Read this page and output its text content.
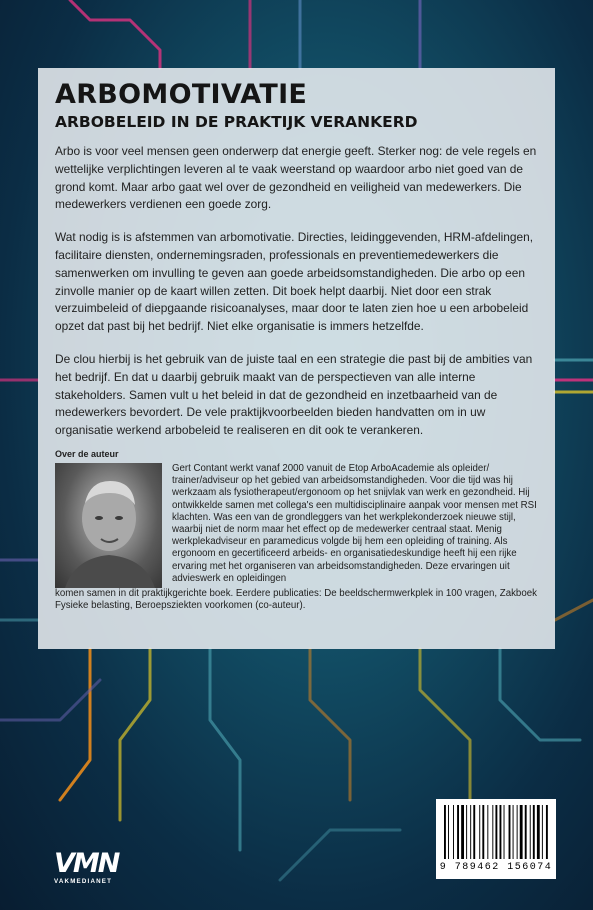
ARBOMOTIVATIE
ARBOBELEID IN DE PRAKTIJK VERANKERD

Arbo is voor veel mensen geen onderwerp dat energie geeft. Sterker nog: de vele regels en wettelijke verplichtingen leveren al te vaak weerstand op waardoor arbo niet goed van de grond komt. Maar arbo gaat wel over de gezondheid en veiligheid van medewerkers. Die medewerkers verdienen een goede zorg.

Wat nodig is is afstemmen van arbomotivatie. Directies, leidinggevenden, HRM-afdelingen, facilitaire diensten, ondernemingsraden, professionals en preventiemedewerkers die samenwerken om invulling te geven aan goede arbeidsomstandigheden. Die arbo op een zinvolle manier op de kaart willen zetten. Dit boek helpt daarbij. Niet door een strak verzuimbeleid of diepgaande risicoanalyses, maar door te laten zien hoe u een arbobeleid opzet dat past bij het bedrijf. Niet elke organisatie is immers hetzelfde.

De clou hierbij is het gebruik van de juiste taal en een strategie die past bij de ambities van het bedrijf. En dat u daarbij gebruik maakt van de perspectieven van alle interne stakeholders. Samen vult u het beleid in dat de gezondheid en inzetbaarheid van de medewerkers bevordert. De vele praktijkvoorbeelden bieden handvatten om in uw organisatie werkend arbobeleid te realiseren en dit ook te verankeren.

Over de auteur
Gert Contant werkt vanaf 2000 vanuit de Etop ArboAcademie als opleider/ trainer/adviseur op het gebied van arbeidsomstandigheden. Voor die tijd was hij werkzaam als fysiotherapeut/ergonoom op het snijvlak van werk en gezondheid. Hij ontwikkelde samen met collega's een multidisciplinaire aanpak voor mensen met RSI klachten. Was een van de grondleggers van het werkplekonderzoek nieuwe stijl, waarbij niet de norm maar het effect op de medewerker centraal staat. Menig werkplekadviseur en paramedicus volgde bij hem een opleiding of training. Als ergonoom en gecertificeerd arbeids- en organisatiedeskundige heeft hij een rijke ervaring met het organiseren van arbeidsomstandigheden. Deze ervaringen uit advieswerk en opleidingen
komen samen in dit praktijkgerichte boek. Eerdere publicaties: De beeldschermwerkplek in 100 vragen, Zakboek Fysieke belasting, Beroepsziekten voorkomen (co-auteur).
9 789462 156074
VMN
VAKMEDIANET
